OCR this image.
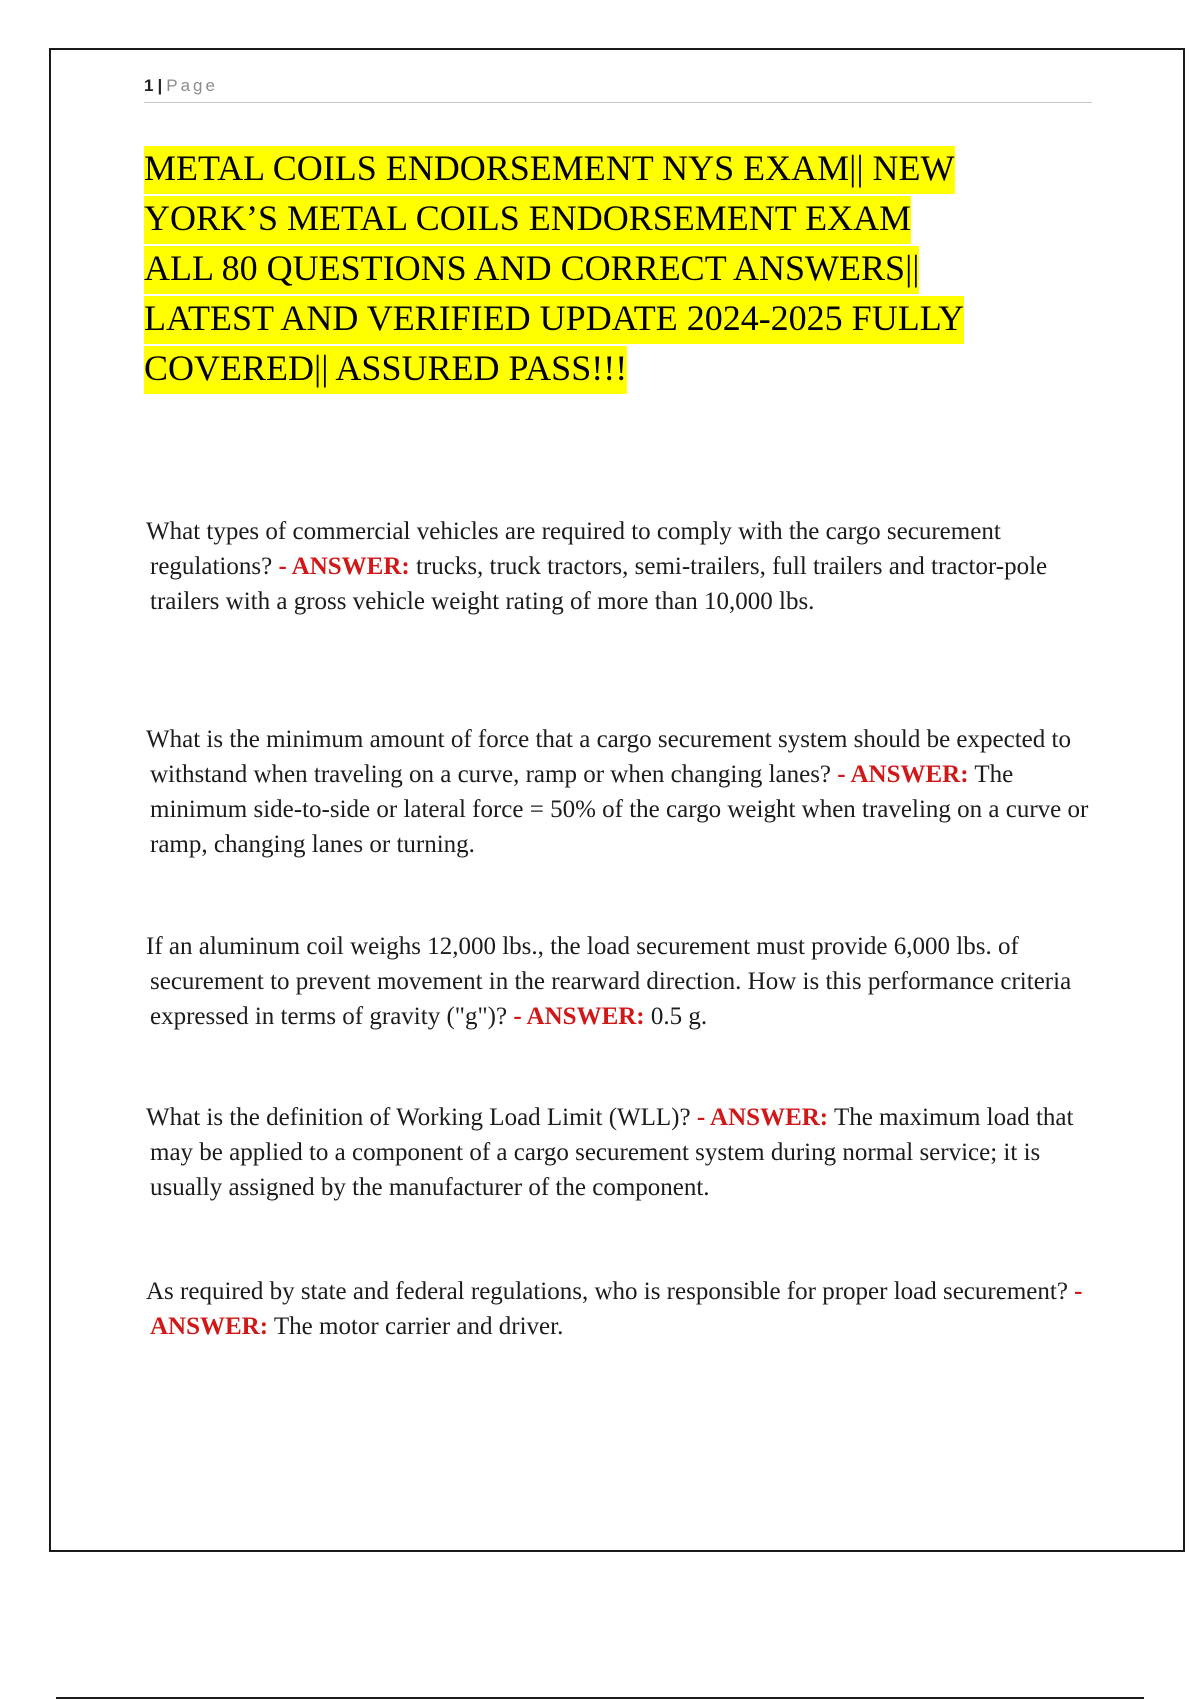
1 | Page
METAL COILS ENDORSEMENT NYS EXAM|| NEW
YORK’S METAL COILS ENDORSEMENT EXAM
ALL 80 QUESTIONS AND CORRECT ANSWERS||
LATEST AND VERIFIED UPDATE 2024-2025 FULLY
COVERED|| ASSURED PASS!!!

What types of commercial vehicles are required to comply with the cargo securement regulations? - ANSWER: trucks, truck tractors, semi-trailers, full trailers and tractor-pole trailers with a gross vehicle weight rating of more than 10,000 lbs.

What is the minimum amount of force that a cargo securement system should be expected to withstand when traveling on a curve, ramp or when changing lanes? - ANSWER: The minimum side-to-side or lateral force = 50% of the cargo weight when traveling on a curve or ramp, changing lanes or turning.

If an aluminum coil weighs 12,000 lbs., the load securement must provide 6,000 lbs. of securement to prevent movement in the rearward direction. How is this performance criteria expressed in terms of gravity ("g")? - ANSWER: 0.5 g.

What is the definition of Working Load Limit (WLL)? - ANSWER: The maximum load that may be applied to a component of a cargo securement system during normal service; it is usually assigned by the manufacturer of the component.

As required by state and federal regulations, who is responsible for proper load securement? - ANSWER: The motor carrier and driver.
